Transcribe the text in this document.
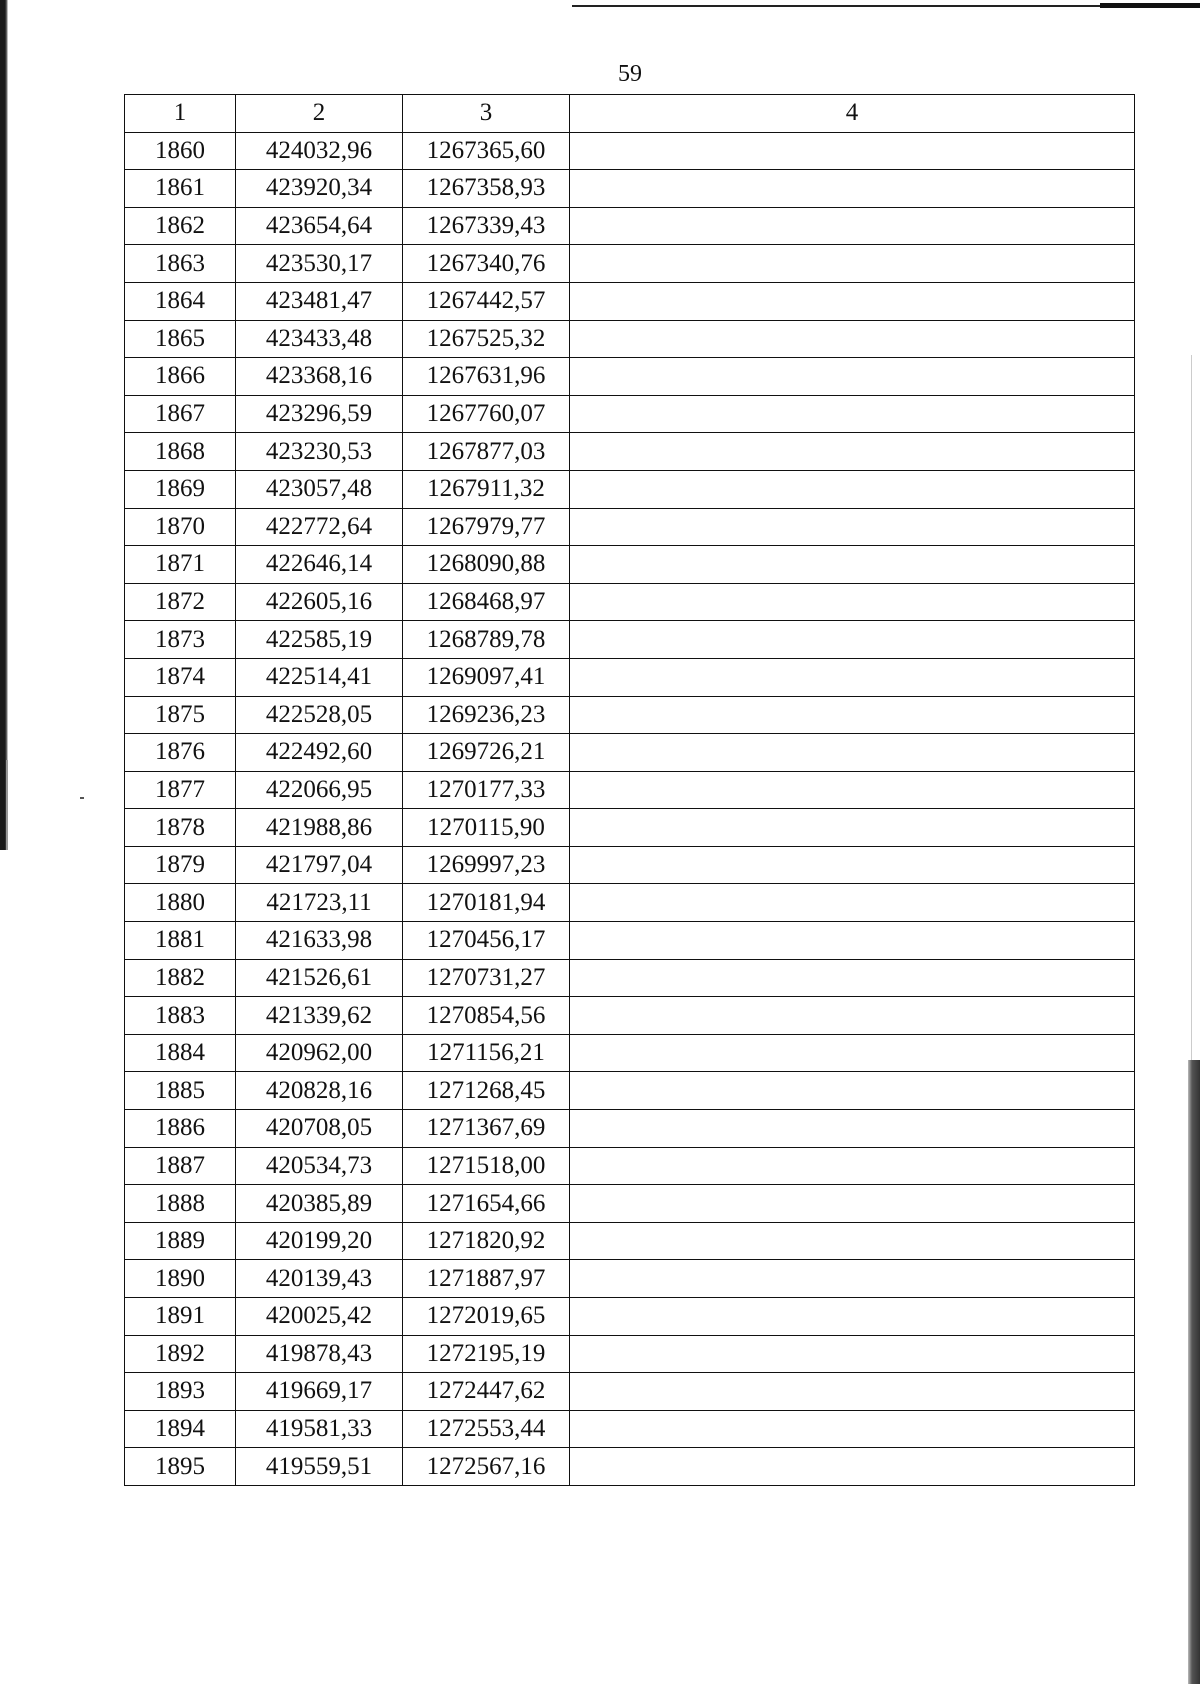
59
1	2	3	4
1860	424032,96	1267365,60	
1861	423920,34	1267358,93	
1862	423654,64	1267339,43	
1863	423530,17	1267340,76	
1864	423481,47	1267442,57	
1865	423433,48	1267525,32	
1866	423368,16	1267631,96	
1867	423296,59	1267760,07	
1868	423230,53	1267877,03	
1869	423057,48	1267911,32	
1870	422772,64	1267979,77	
1871	422646,14	1268090,88	
1872	422605,16	1268468,97	
1873	422585,19	1268789,78	
1874	422514,41	1269097,41	
1875	422528,05	1269236,23	
1876	422492,60	1269726,21	
1877	422066,95	1270177,33	
1878	421988,86	1270115,90	
1879	421797,04	1269997,23	
1880	421723,11	1270181,94	
1881	421633,98	1270456,17	
1882	421526,61	1270731,27	
1883	421339,62	1270854,56	
1884	420962,00	1271156,21	
1885	420828,16	1271268,45	
1886	420708,05	1271367,69	
1887	420534,73	1271518,00	
1888	420385,89	1271654,66	
1889	420199,20	1271820,92	
1890	420139,43	1271887,97	
1891	420025,42	1272019,65	
1892	419878,43	1272195,19	
1893	419669,17	1272447,62	
1894	419581,33	1272553,44	
1895	419559,51	1272567,16	
